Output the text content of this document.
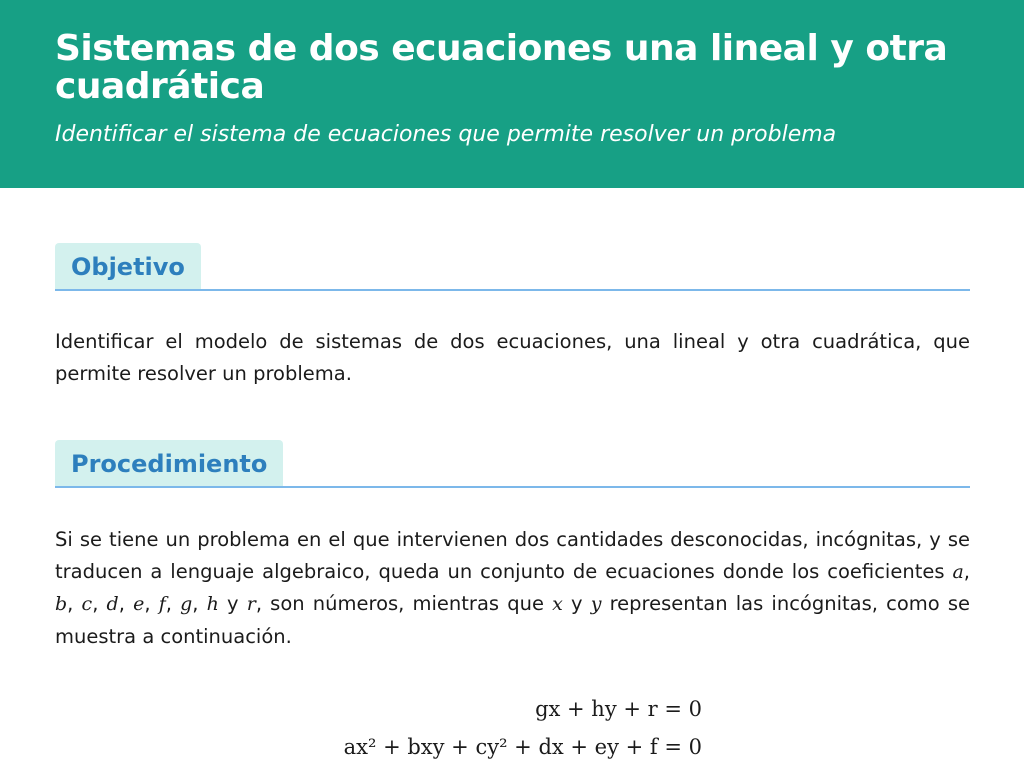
Sistemas de dos ecuaciones una lineal y otra cuadrática
Identificar el sistema de ecuaciones que permite resolver un problema
Objetivo

Identificar el modelo de sistemas de dos ecuaciones, una lineal y otra cuadrática, que permite resolver un problema.

Procedimiento

Si se tiene un problema en el que intervienen dos cantidades desconocidas, incógnitas, y se traducen a lenguaje algebraico, queda un conjunto de ecuaciones donde los coeficientes a, b, c, d, e, f, g, h y r, son números, mientras que x y y representan las incógnitas, como se muestra a continuación.

gx + hy + r = 0
ax² + bxy + cy² + dx + ey + f = 0
